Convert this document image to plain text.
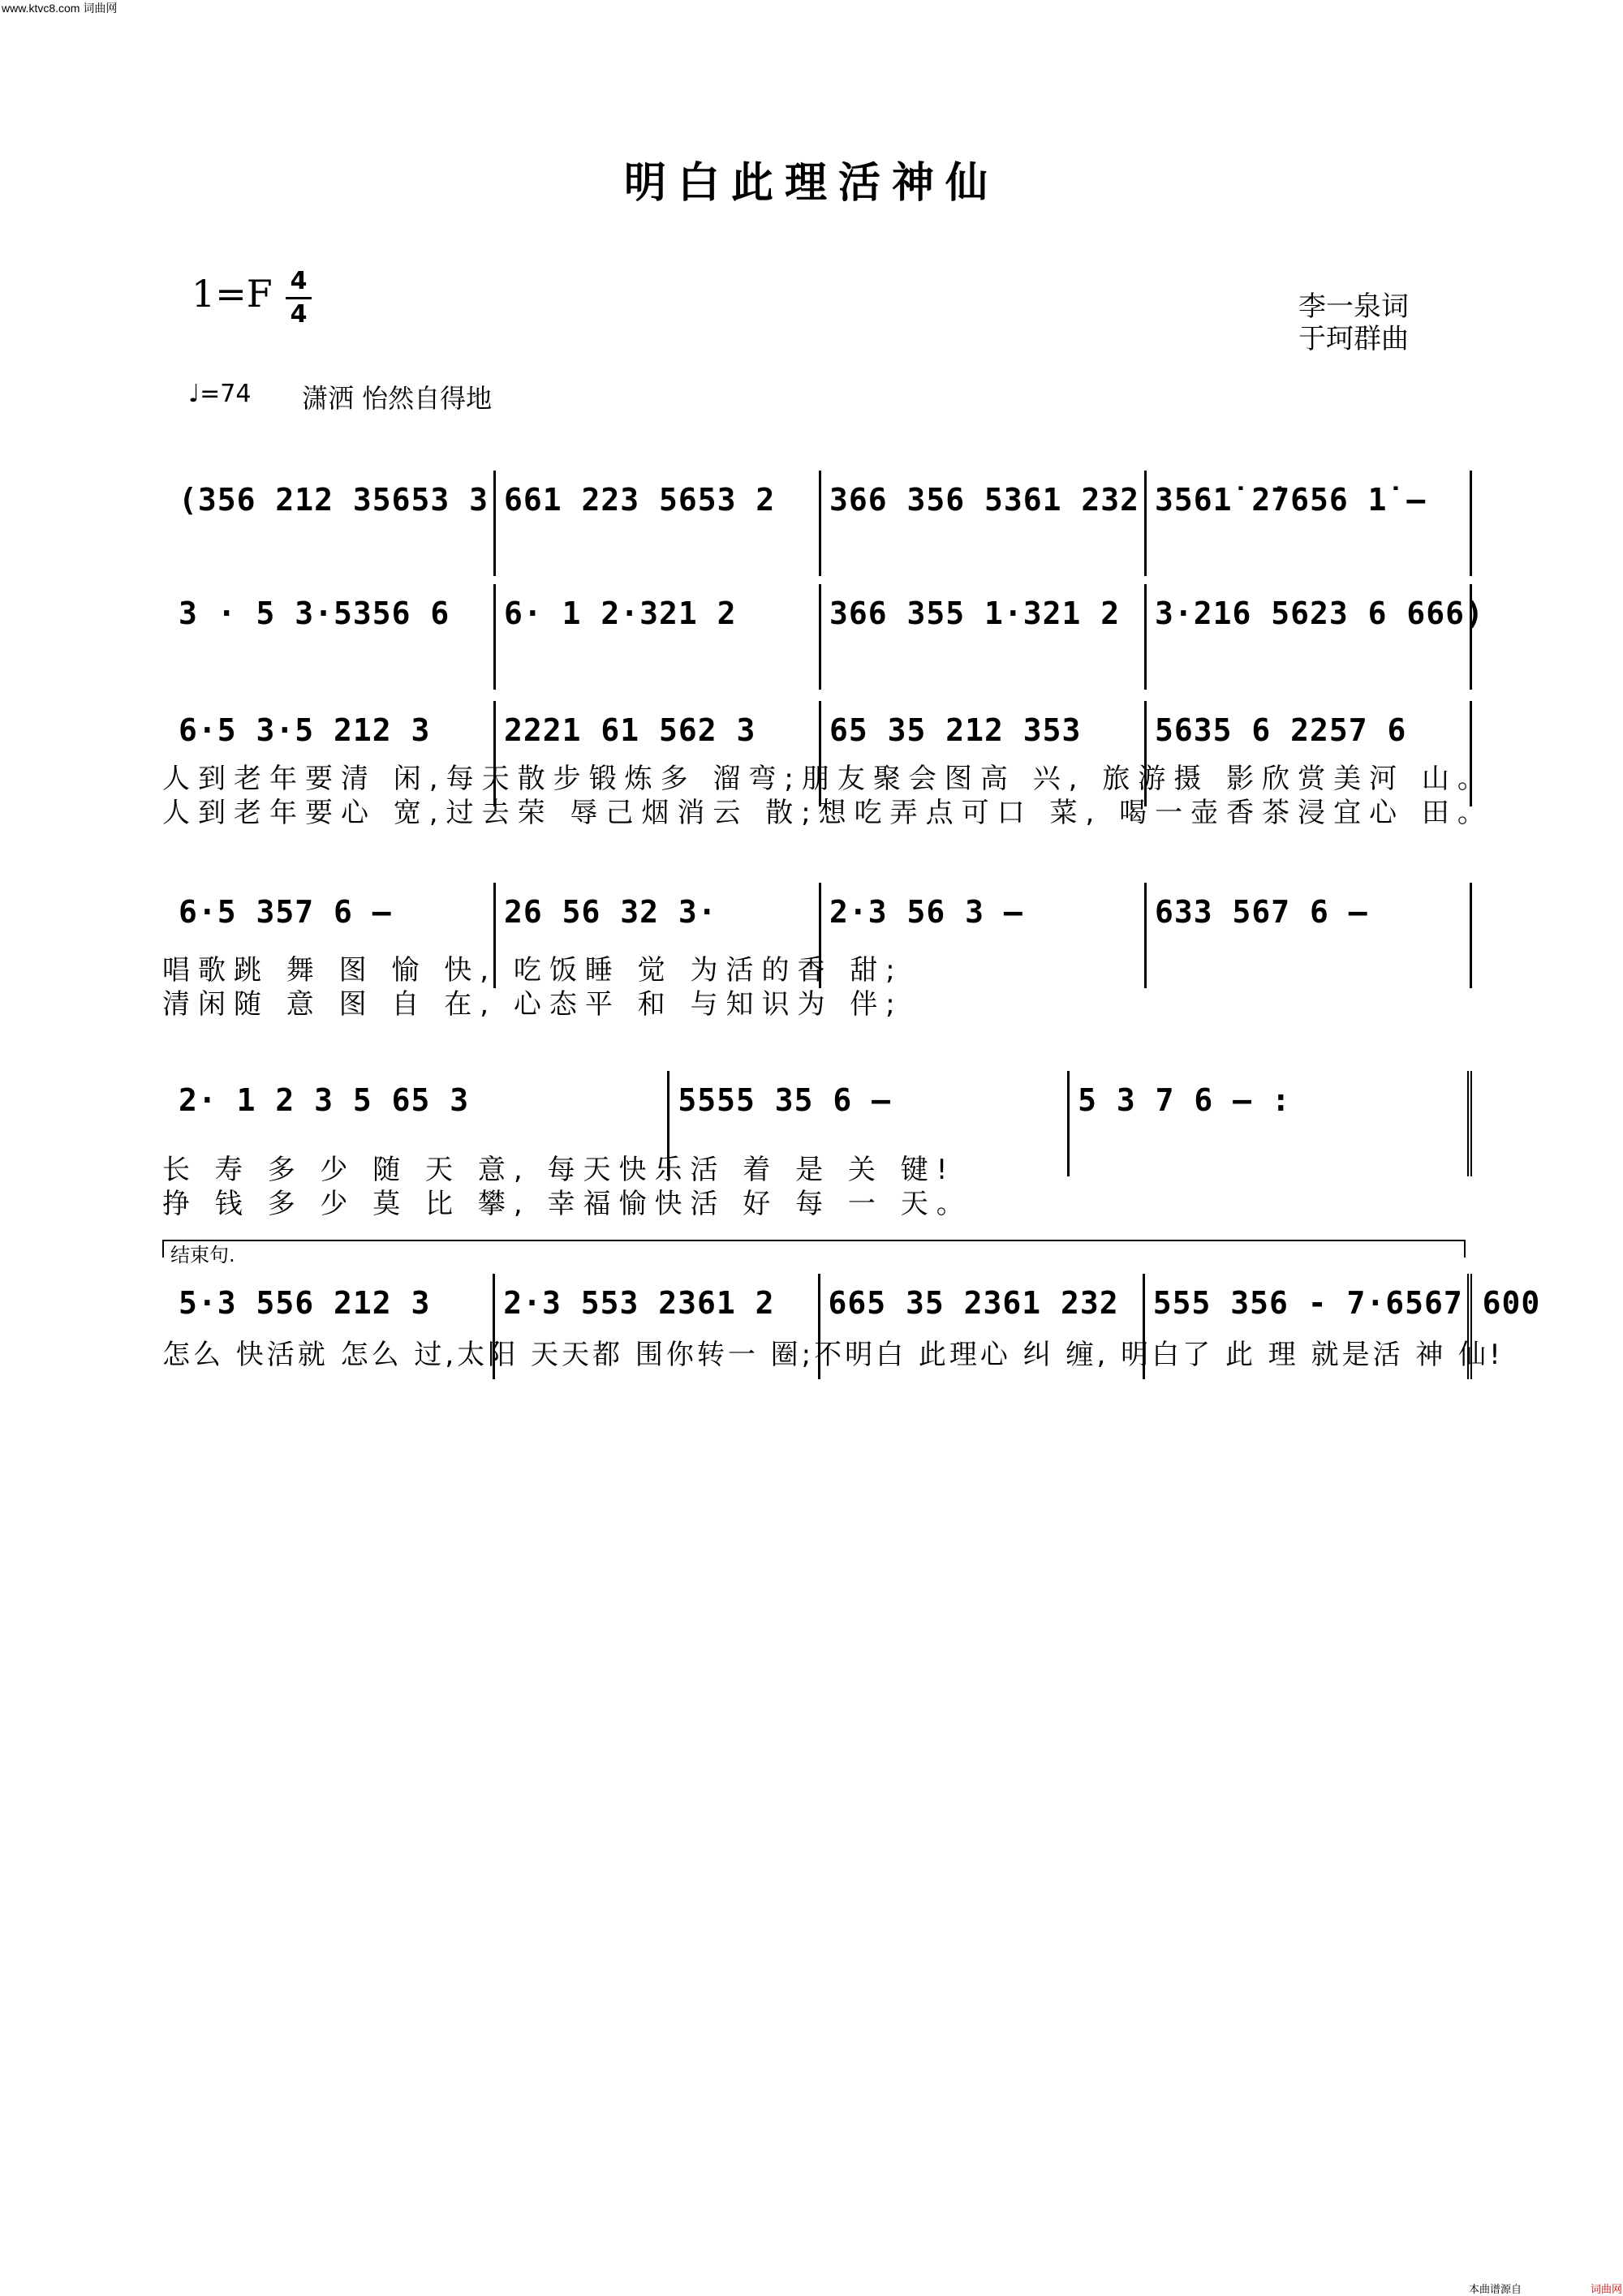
www.ktvc8.com 词曲网
明白此理活神仙
1=F 4
4	李一泉词
于珂群曲
♩=74 潇洒 怡然自得地
(356 212 35653 3 661 223 5653 2	366 356 5361 232 3561̇ 2̇7656 1̇ –
3 · 5 3·5356 6	6· 1 2·321 2	366 355 1·321 2	3·216 5623 6 666)
6·5 3·5 212 3	2221 61 562 3	65 35 212 353	5635 6 2257 6
人到老年要清 闲,每天散步锻炼多 溜弯;朋友聚会图高 兴, 旅游摄 影欣赏美河 山。
人到老年要心 宽,过去荣 辱己烟消云 散;想吃弄点可口 菜, 喝一壶香茶浸宜心 田。
6·5 357 6 –	26 56 32 3·	2·3 56 3 –	633 567 6 –
唱歌跳 舞 图 愉 快, 吃饭睡 觉 为活的香 甜;
清闲随 意 图 自 在, 心态平 和 与知识为 伴;
2· 1 2 3 5 65 3	5555 35 6 –	5 3 7 6 – :
长 寿 多 少 随 天 意, 每天快乐活 着 是 关 键!
挣 钱 多 少 莫 比 攀, 幸福愉快活 好 每 一 天。
结束句.
5·3 556 212 3	2·3 553 2361 2	665 35 2361 232	555 356 - 7·6567 600
怎么 快活就 怎么 过,太阳 天天都 围你转一 圈;不明白 此理心 纠 缠, 明白了 此 理 就是活 神 仙!
本曲谱源自	词曲网
